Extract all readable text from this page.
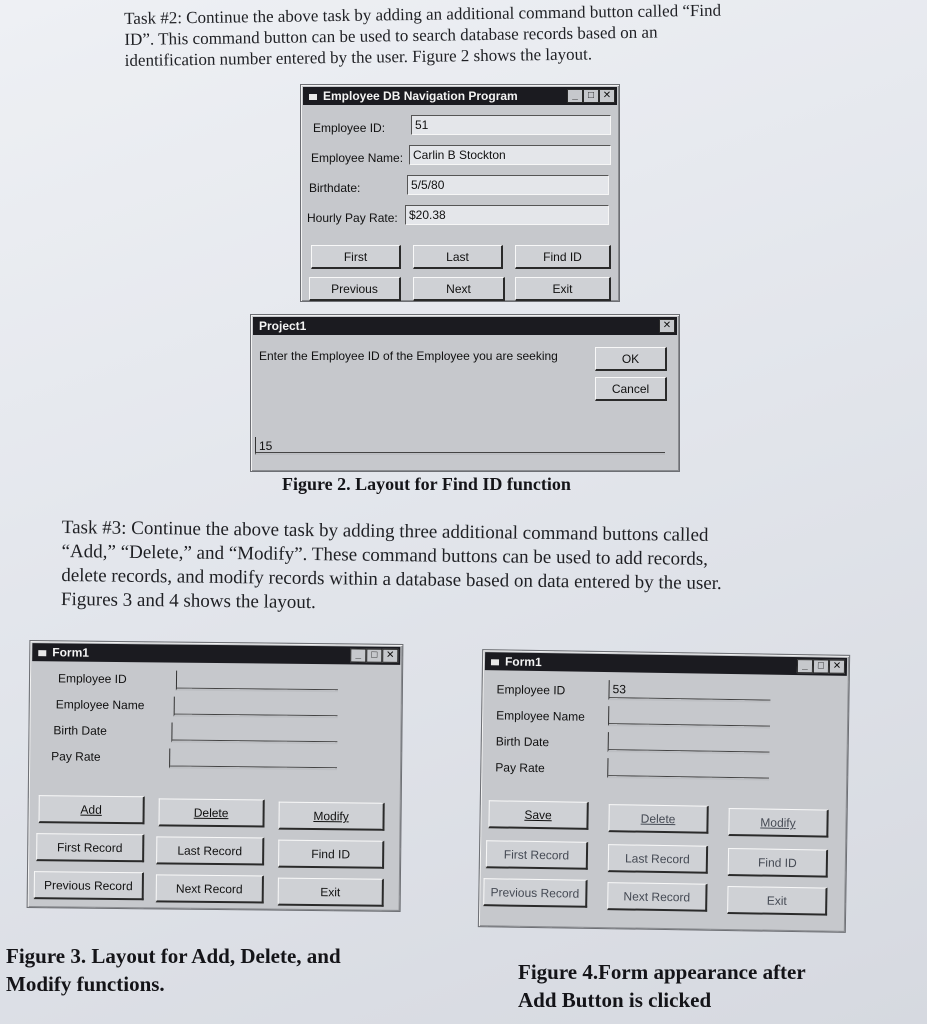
Task #2: Continue the above task by adding an additional command button called “Find
ID”. This command button can be used to search database records based on an
identification number entered by the user. Figure 2 shows the layout.
Employee DB Navigation Program	_	□ ✕
Employee ID:	51
Employee Name: Carlin B Stockton
Birthdate:	5/5/80
Hourly Pay Rate: $20.38
First	Last	Find ID
Previous	Next	Exit
Project1	✕
Enter the Employee ID of the Employee you are seeking	OK
Cancel
15
Figure 2. Layout for Find ID function
Task #3: Continue the above task by adding three additional command buttons called
“Add,” “Delete,” and “Modify”. These command buttons can be used to add records,
delete records, and modify records within a database based on data entered by the user.
Figures 3 and 4 shows the layout.
Form1	_	□ ✕
Employee ID
Employee Name
Birth Date
Pay Rate
Add	Delete	Modify
First Record	Last Record	Find ID
Previous Record	Next Record	Exit
Form1	_	□ ✕
Employee ID	53
Employee Name
Birth Date
Pay Rate
Save	Delete	Modify
First Record	Last Record	Find ID
Previous Record	Next Record	Exit
Figure 3. Layout for Add, Delete, and
Modify functions.	Figure 4.Form appearance after
Add Button is clicked
